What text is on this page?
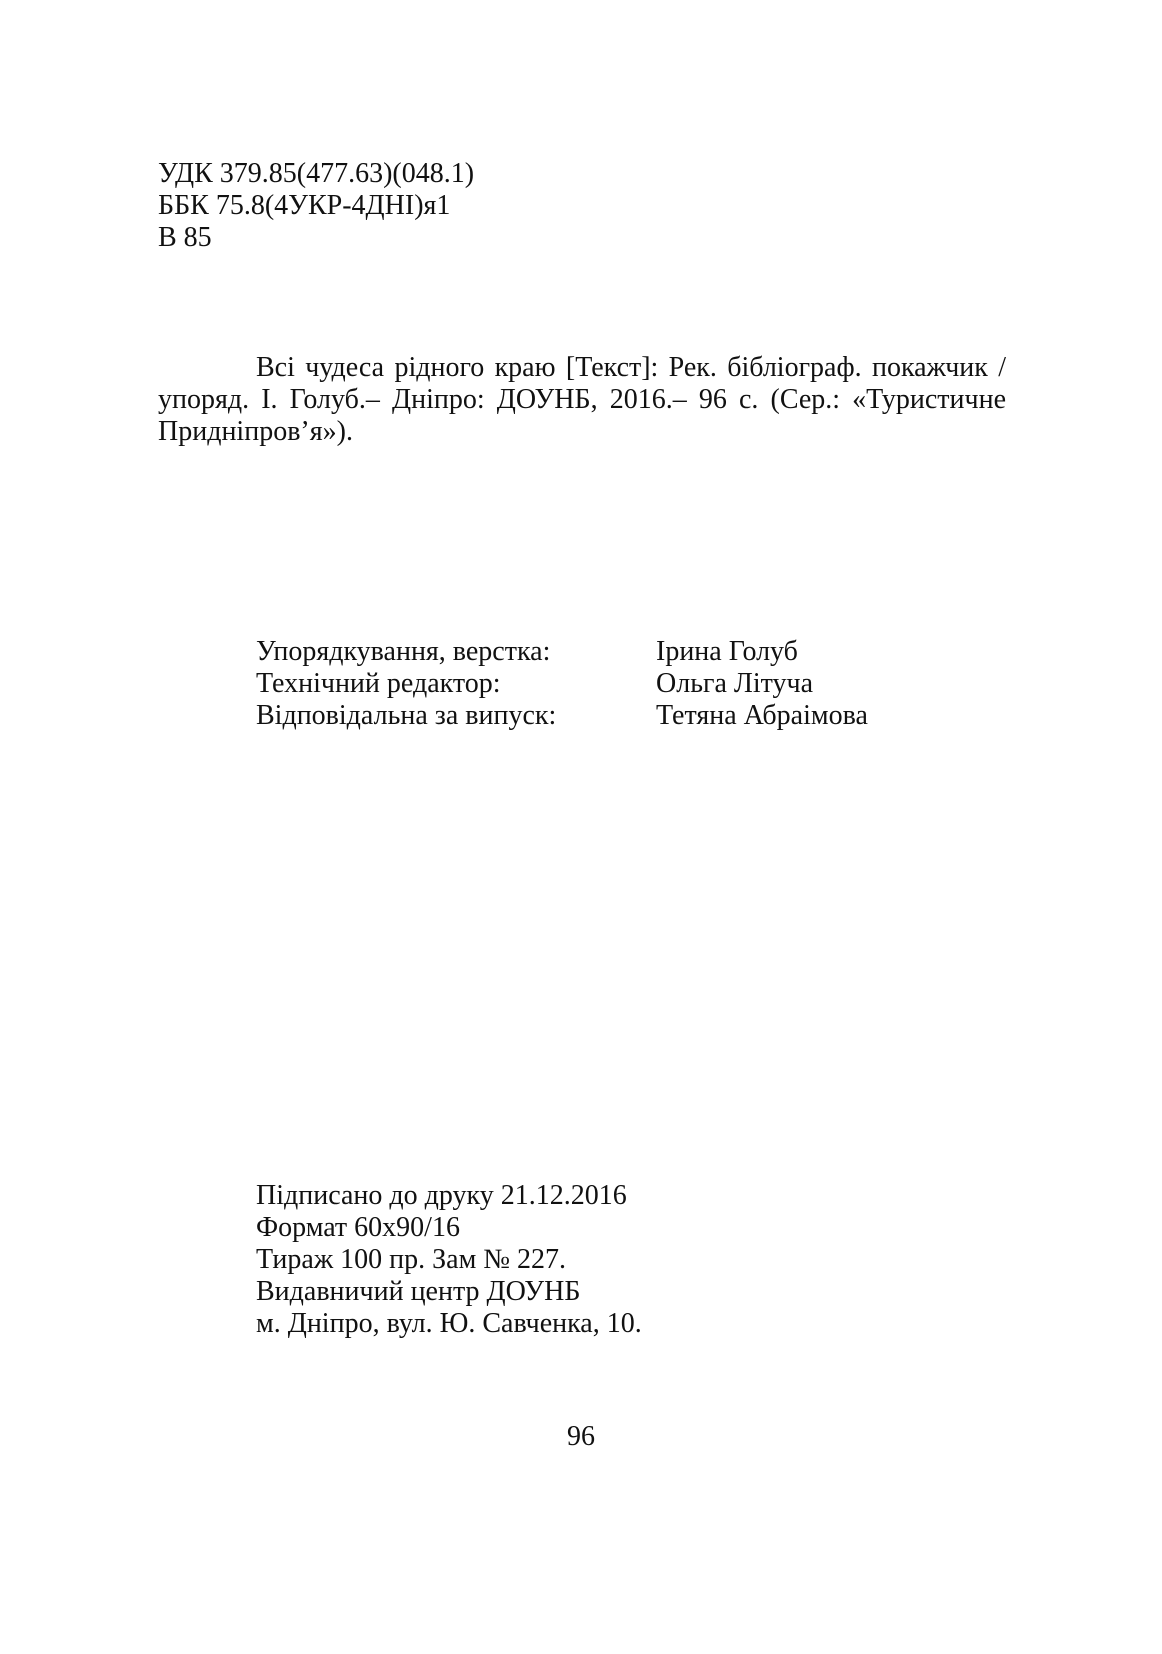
УДК 379.85(477.63)(048.1)
ББК 75.8(4УКР-4ДНІ)я1
В 85
Всі чудеса рідного краю [Текст]: Рек. бібліограф. покажчик / упоряд. І. Голуб.– Дніпро: ДОУНБ, 2016.– 96 с. (Сер.: «Туристичне Придніпров’я»).
Упорядкування, верстка:	Ірина Голуб
Технічний редактор:	Ольга Літуча
Відповідальна за випуск:	Тетяна Абраімова
Підписано до друку 21.12.2016
Формат 60х90/16
Тираж 100 пр. Зам № 227.
Видавничий центр ДОУНБ
м. Дніпро, вул. Ю. Савченка, 10.
96
